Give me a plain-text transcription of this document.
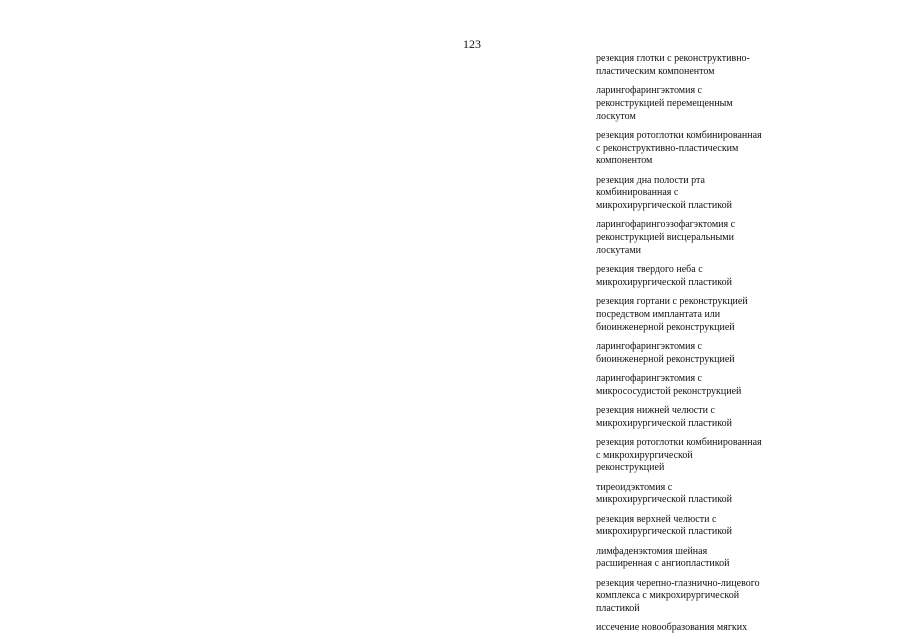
123
резекция глотки с реконструктивно-
пластическим компонентом
ларингофарингэктомия с
реконструкцией перемещенным
лоскутом
резекция ротоглотки комбинированная
с реконструктивно-пластическим
компонентом
резекция дна полости рта
комбинированная с
микрохирургической пластикой
ларингофарингоэзофагэктомия с
реконструкцией висцеральными
лоскутами
резекция твердого неба с
микрохирургической пластикой
резекция гортани с реконструкцией
посредством имплантата или
биоинженерной реконструкцией
ларингофарингэктомия с
биоинженерной реконструкцией
ларингофарингэктомия с
микрососудистой реконструкцией
резекция нижней челюсти с
микрохирургической пластикой
резекция ротоглотки комбинированная
с микрохирургической
реконструкцией
тиреоидэктомия с
микрохирургической пластикой
резекция верхней челюсти с
микрохирургической пластикой
лимфаденэктомия шейная
расширенная с ангиопластикой
резекция черепно-глазнично-лицевого
комплекса с микрохирургической
пластикой
иссечение новообразования мягких
